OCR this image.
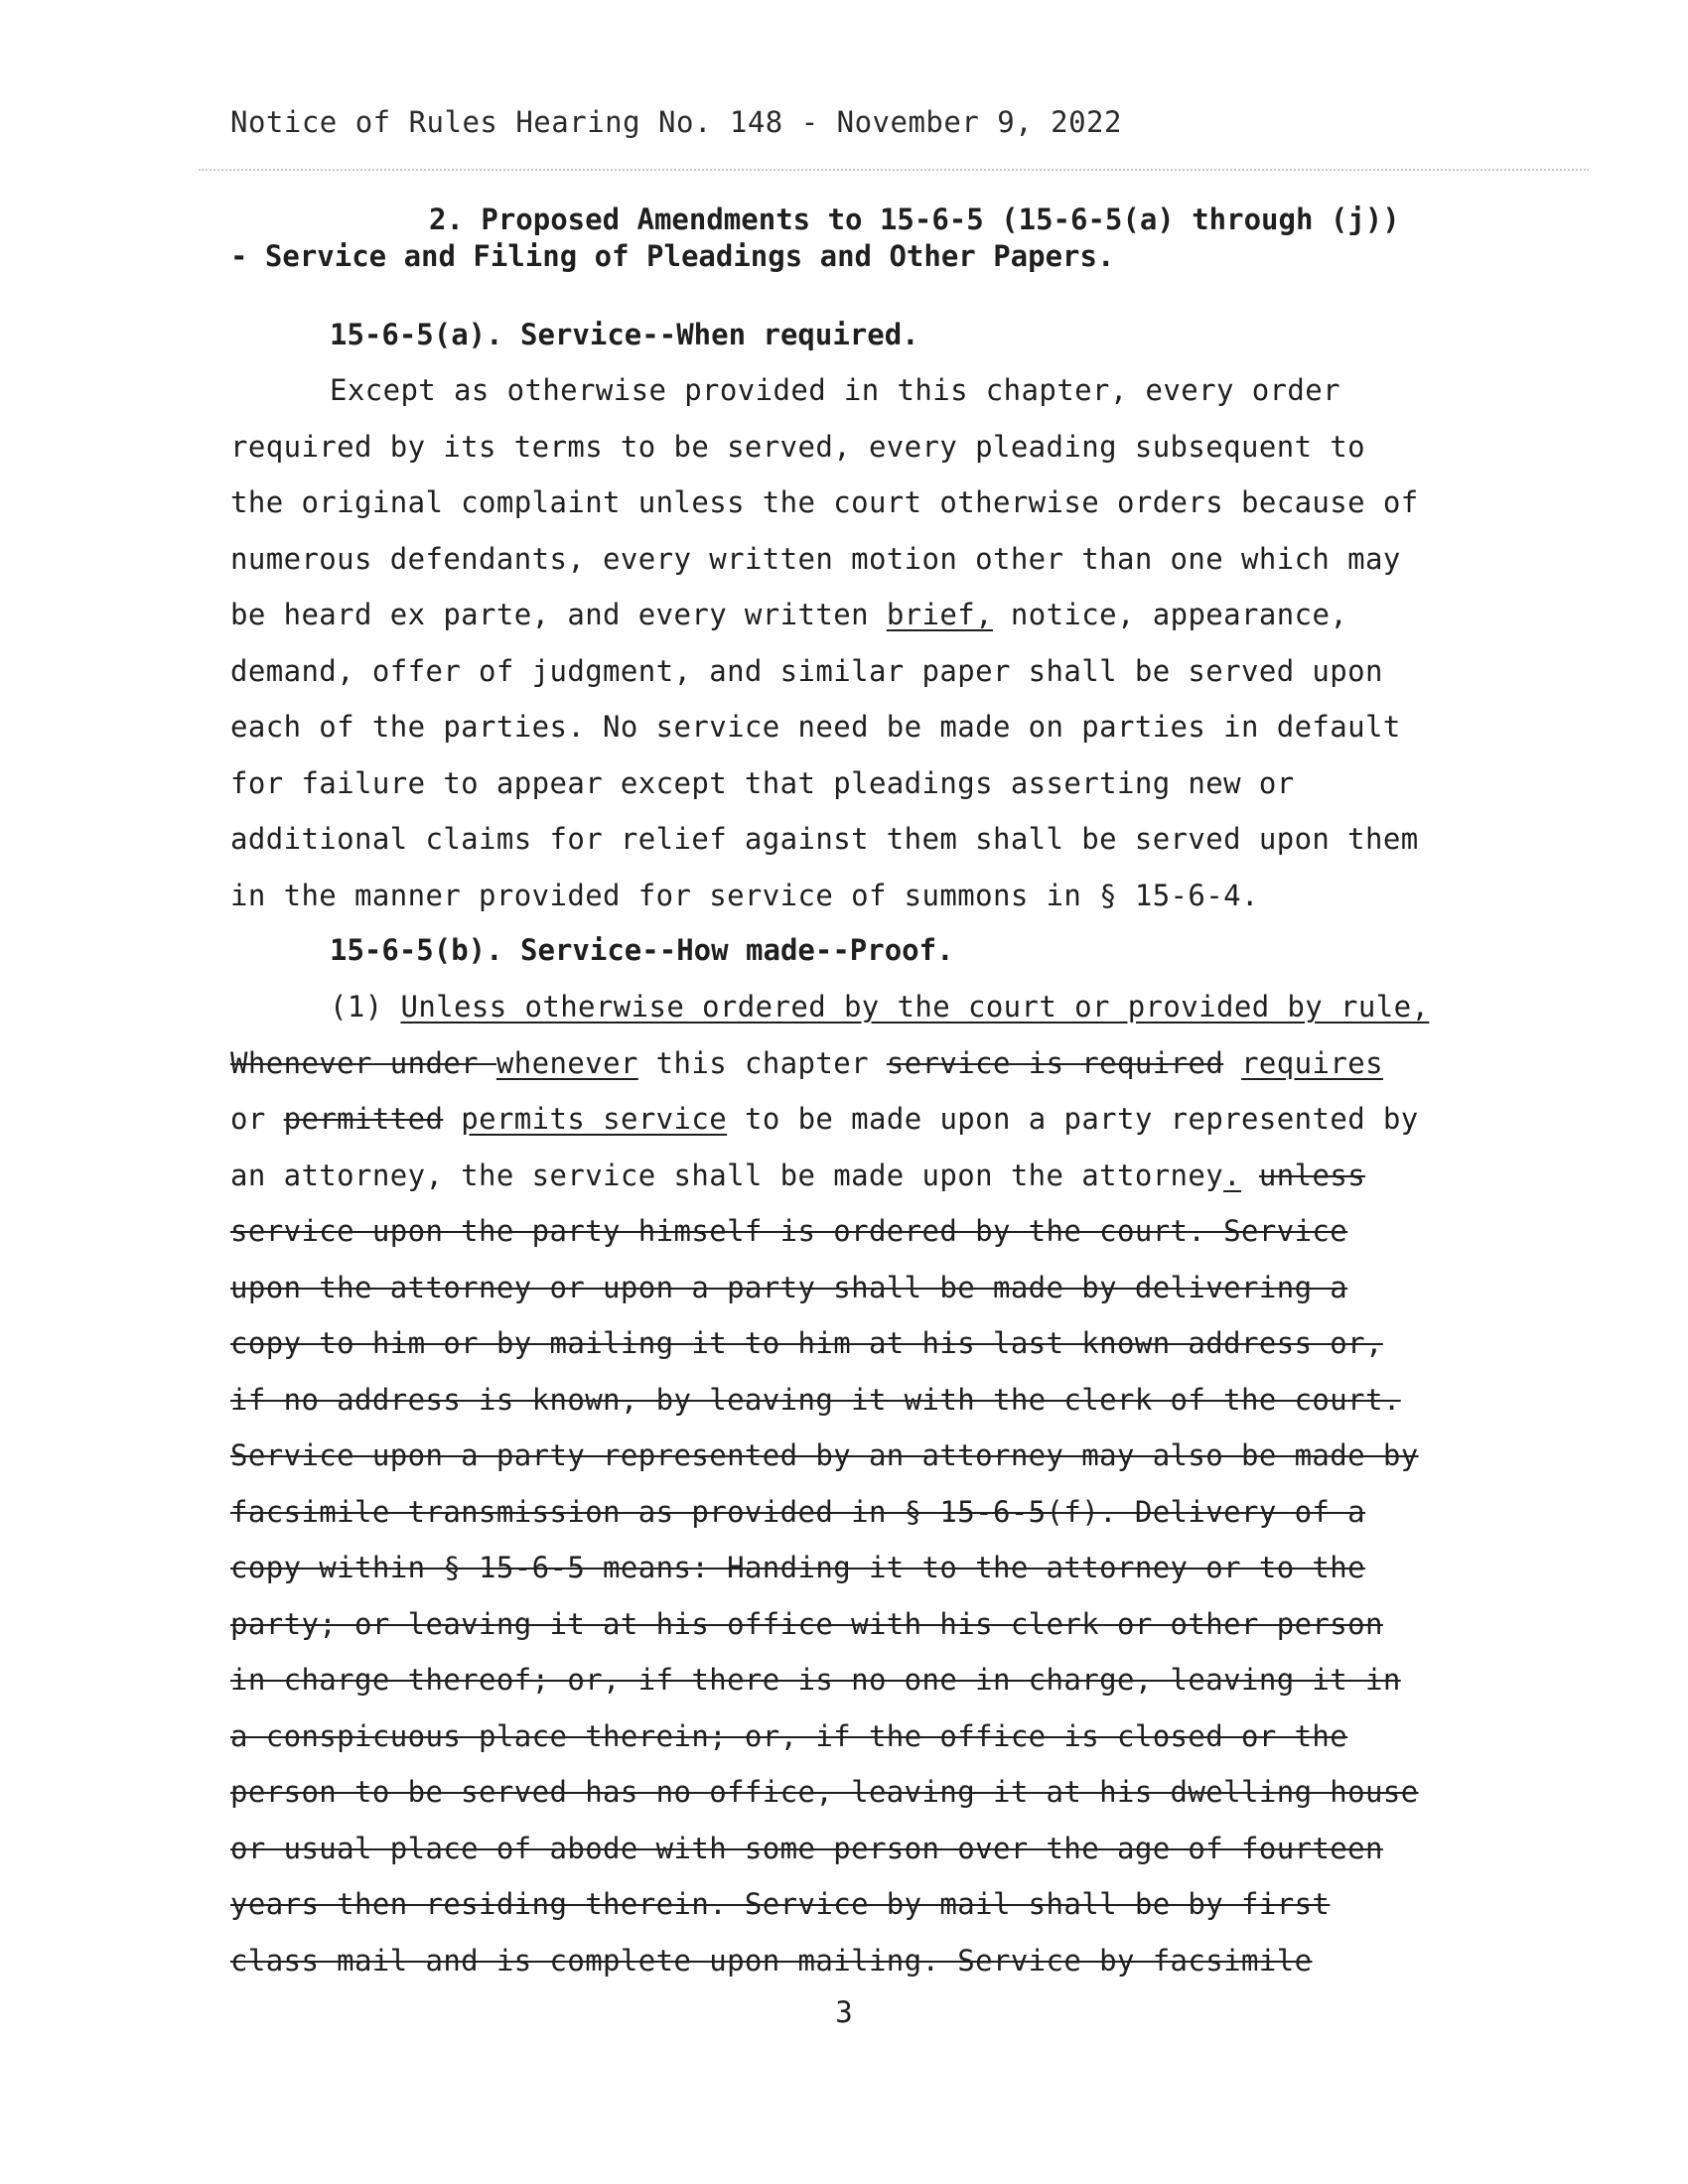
Notice of Rules Hearing No. 148 - November 9, 2022
2. Proposed Amendments to 15-6-5 (15-6-5(a) through (j))
- Service and Filing of Pleadings and Other Papers.
15-6-5(a). Service--When required.
Except as otherwise provided in this chapter, every order
required by its terms to be served, every pleading subsequent to
the original complaint unless the court otherwise orders because of
numerous defendants, every written motion other than one which may
be heard ex parte, and every written brief, notice, appearance,
demand, offer of judgment, and similar paper shall be served upon
each of the parties. No service need be made on parties in default
for failure to appear except that pleadings asserting new or
additional claims for relief against them shall be served upon them
in the manner provided for service of summons in § 15-6-4.
15-6-5(b). Service--How made--Proof.
(1) Unless otherwise ordered by the court or provided by rule,
Whenever under whenever this chapter service is required requires
or permitted permits service to be made upon a party represented by
an attorney, the service shall be made upon the attorney. unless
service upon the party himself is ordered by the court. Service
upon the attorney or upon a party shall be made by delivering a
copy to him or by mailing it to him at his last known address or,
if no address is known, by leaving it with the clerk of the court.
Service upon a party represented by an attorney may also be made by
facsimile transmission as provided in § 15-6-5(f). Delivery of a
copy within § 15-6-5 means: Handing it to the attorney or to the
party; or leaving it at his office with his clerk or other person
in charge thereof; or, if there is no one in charge, leaving it in
a conspicuous place therein; or, if the office is closed or the
person to be served has no office, leaving it at his dwelling house
or usual place of abode with some person over the age of fourteen
years then residing therein. Service by mail shall be by first
class mail and is complete upon mailing. Service by facsimile
3
